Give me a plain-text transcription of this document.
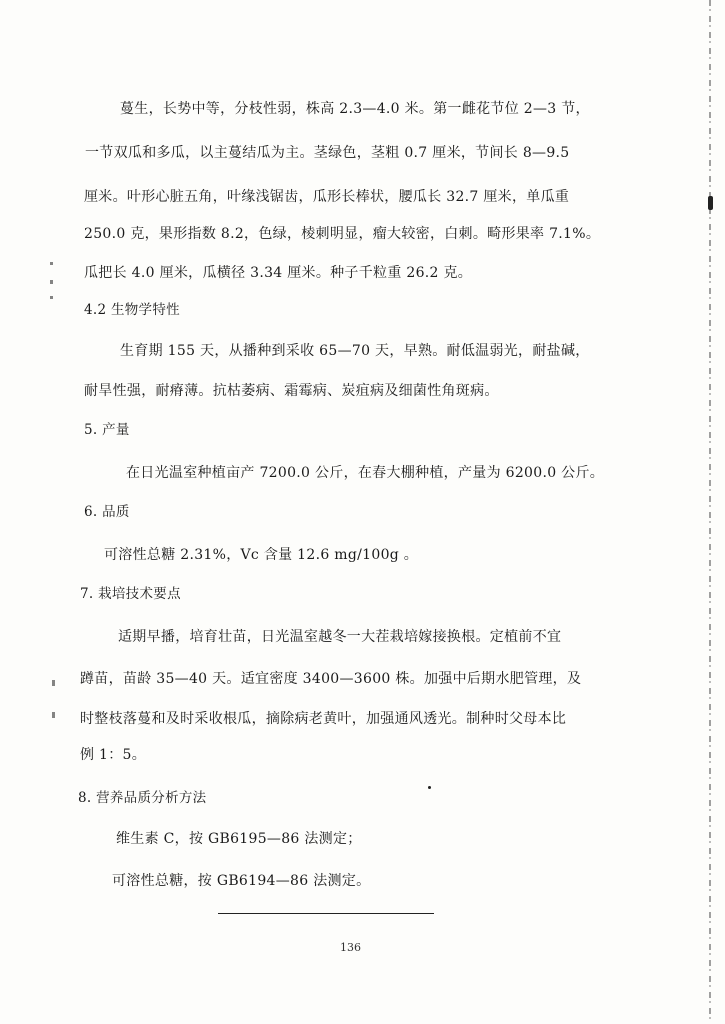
蔓生，长势中等，分枝性弱，株高 2.3—4.0 米。第一雌花节位 2—3 节，
一节双瓜和多瓜，以主蔓结瓜为主。茎绿色，茎粗 0.7 厘米，节间长 8—9.5
厘米。叶形心脏五角，叶缘浅锯齿，瓜形长棒状，腰瓜长 32.7 厘米，单瓜重
250.0 克，果形指数 8.2，色绿，棱刺明显，瘤大较密，白刺。畸形果率 7.1%。
瓜把长 4.0 厘米，瓜横径 3.34 厘米。种子千粒重 26.2 克。
4.2 生物学特性
生育期 155 天，从播种到采收 65—70 天，早熟。耐低温弱光，耐盐碱，
耐旱性强，耐瘠薄。抗枯萎病、霜霉病、炭疽病及细菌性角斑病。
5. 产量
在日光温室种植亩产 7200.0 公斤，在春大棚种植，产量为 6200.0 公斤。
6. 品质
可溶性总糖 2.31%，Vc 含量 12.6 mg/100g 。
7. 栽培技术要点
适期早播，培育壮苗，日光温室越冬一大茬栽培嫁接换根。定植前不宜
蹲苗，苗龄 35—40 天。适宜密度 3400—3600 株。加强中后期水肥管理，及
时整枝落蔓和及时采收根瓜，摘除病老黄叶，加强通风透光。制种时父母本比
例 1：5。
8. 营养品质分析方法
维生素 C，按 GB6195—86 法测定；
可溶性总糖，按 GB6194—86 法测定。
136
